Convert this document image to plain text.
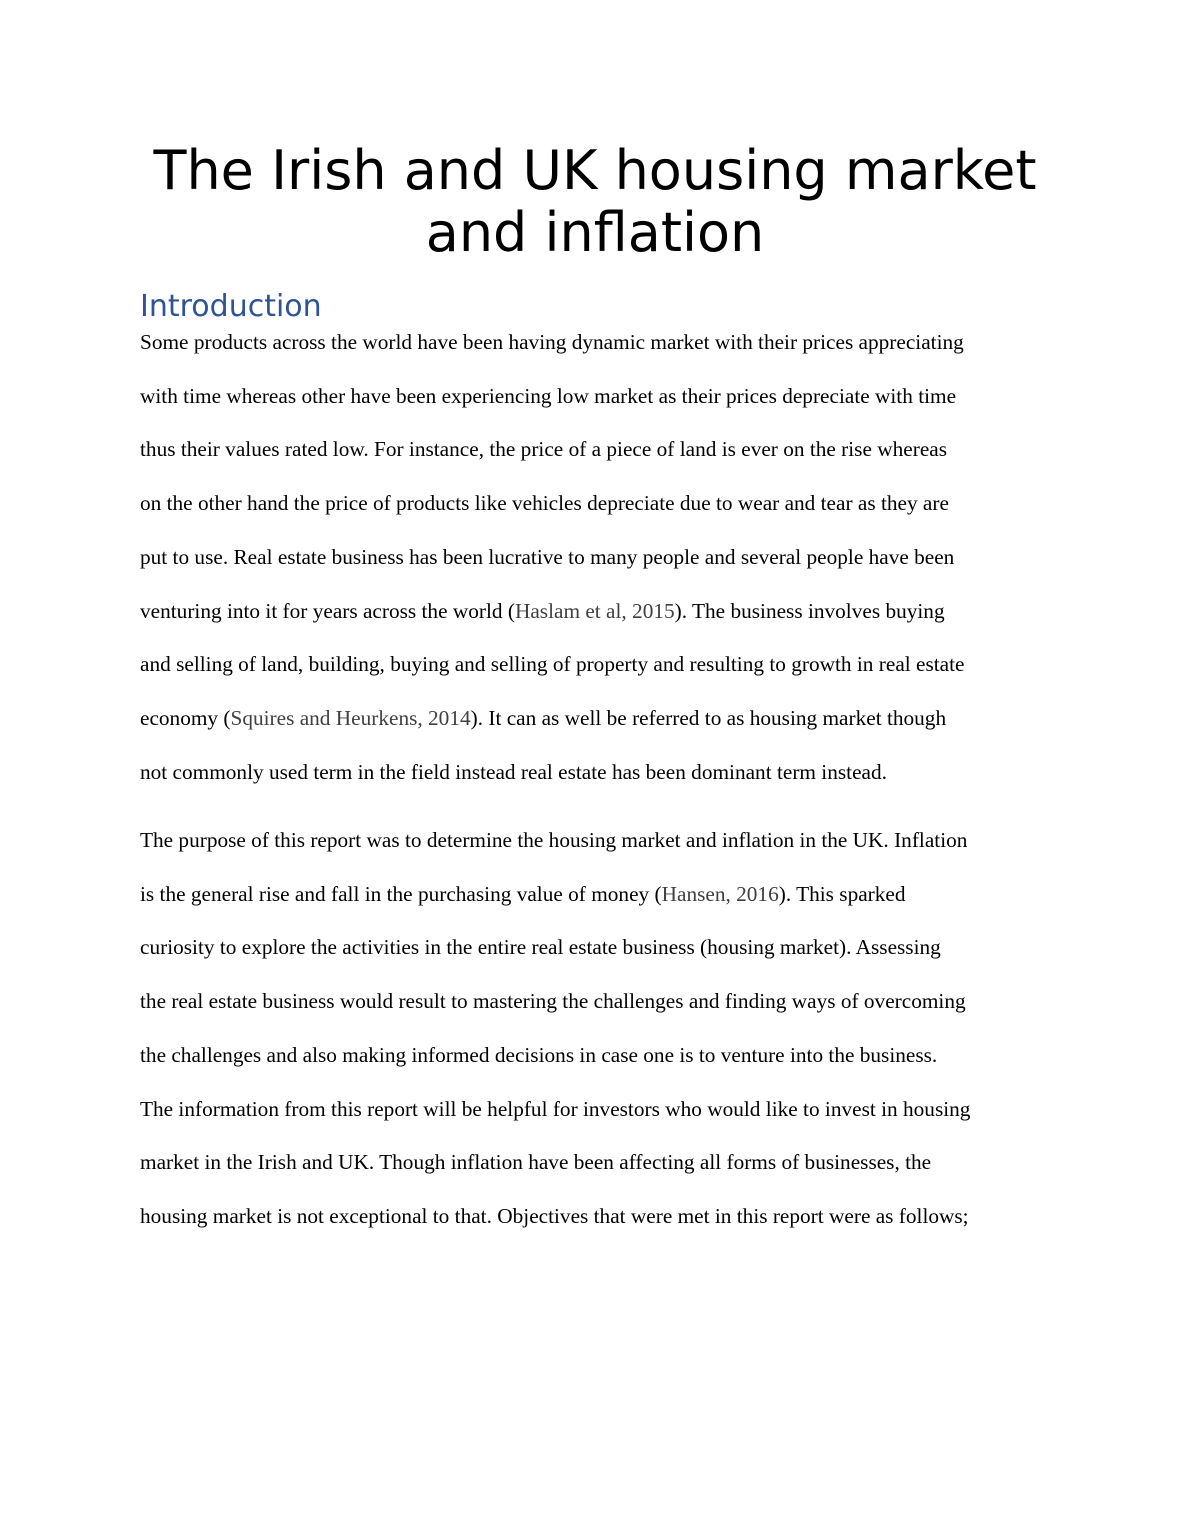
The Irish and UK housing market
and inflation
Introduction

Some products across the world have been having dynamic market with their prices appreciating
with time whereas other have been experiencing low market as their prices depreciate with time
thus their values rated low. For instance, the price of a piece of land is ever on the rise whereas
on the other hand the price of products like vehicles depreciate due to wear and tear as they are
put to use. Real estate business has been lucrative to many people and several people have been
venturing into it for years across the world (Haslam et al, 2015). The business involves buying
and selling of land, building, buying and selling of property and resulting to growth in real estate
economy (Squires and Heurkens, 2014). It can as well be referred to as housing market though
not commonly used term in the field instead real estate has been dominant term instead.

The purpose of this report was to determine the housing market and inflation in the UK. Inflation
is the general rise and fall in the purchasing value of money (Hansen, 2016). This sparked
curiosity to explore the activities in the entire real estate business (housing market). Assessing
the real estate business would result to mastering the challenges and finding ways of overcoming
the challenges and also making informed decisions in case one is to venture into the business.
The information from this report will be helpful for investors who would like to invest in housing
market in the Irish and UK. Though inflation have been affecting all forms of businesses, the
housing market is not exceptional to that. Objectives that were met in this report were as follows;
